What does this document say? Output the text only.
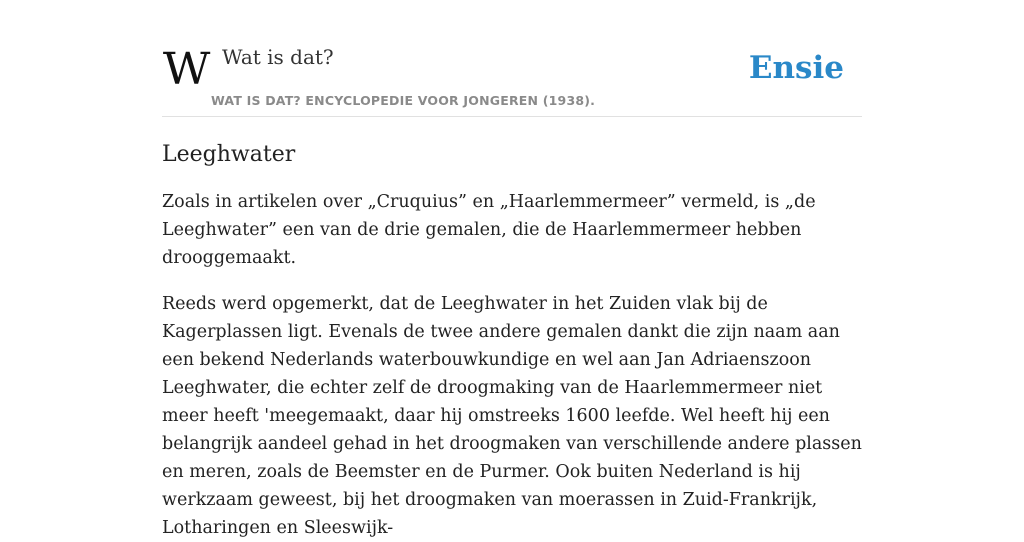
W Wat is dat?
WAT IS DAT? ENCYCLOPEDIE VOOR JONGEREN (1938).
Ensie
Leeghwater

Zoals in artikelen over „Cruquius” en „Haarlemmermeer” vermeld, is „de Leeghwater” een van de drie gemalen, die de Haarlemmermeer hebben drooggemaakt.

Reeds werd opgemerkt, dat de Leeghwater in het Zuiden vlak bij de Kagerplassen ligt. Evenals de twee andere gemalen dankt die zijn naam aan een bekend Nederlands waterbouwkundige en wel aan Jan Adriaenszoon Leeghwater, die echter zelf de droogmaking van de Haarlemmermeer niet meer heeft 'meegemaakt, daar hij omstreeks 1600 leefde. Wel heeft hij een belangrijk aandeel gehad in het droogmaken van verschillende andere plassen en meren, zoals de Beemster en de Purmer. Ook buiten Nederland is hij werkzaam geweest, bij het droogmaken van moerassen in Zuid-Frankrijk, Lotharingen en Sleeswijk-
